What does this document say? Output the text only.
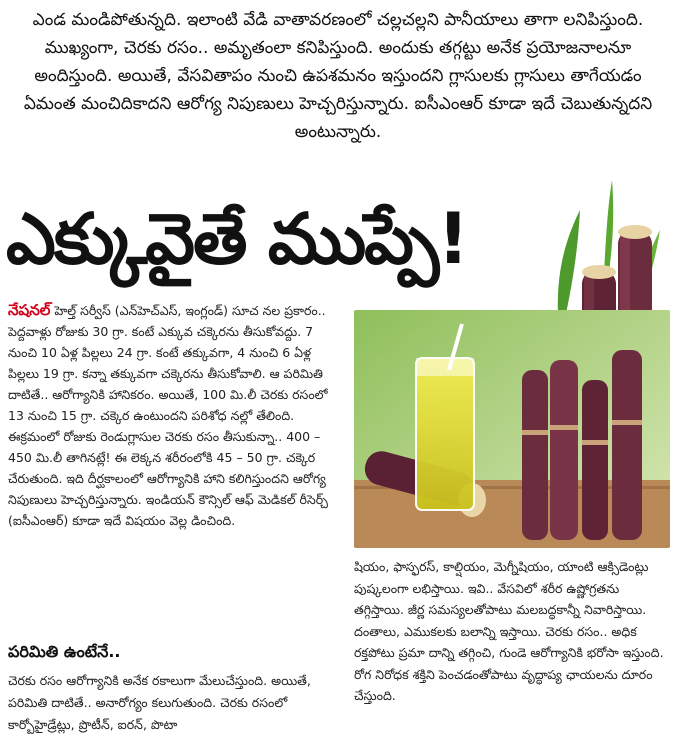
ఎండ మండిపోతున్నది. ఇలాంటి వేడి వాతావరణంలో చల్లచల్లని పానీయాలు తాగా లనిపిస్తుంది. ముఖ్యంగా, చెరకు రసం.. అమృతంలా కనిపిస్తుంది. అందుకు తగ్గట్టు అనేక ప్రయోజనాలనూ అందిస్తుంది. అయితే, వేసవితాపం నుంచి ఉపశమనం ఇస్తుందని గ్లాసులకు గ్లాసులు తాగేయడం ఏమంత మంచిదికాదని ఆరోగ్య నిపుణులు హెచ్చరిస్తున్నారు. ఐసీఎంఆర్ కూడా ఇదే చెబుతున్నదని అంటున్నారు.
ఎక్కువైతే ముప్పే!

నేషనల్ హెల్త్ సర్వీస్ (ఎన్‌హెచ్‌ఎస్, ఇంగ్లండ్) సూచ నల ప్రకారం.. పెద్దవాళ్లు రోజుకు 30 గ్రా. కంటే ఎక్కువ చక్కెరను తీసుకోవద్దు. 7 నుంచి 10 ఏళ్ల పిల్లలు 24 గ్రా. కంటే తక్కువగా, 4 నుంచి 6 ఏళ్ల పిల్లలు 19 గ్రా. కన్నా తక్కువగా చక్కెరను తీసుకోవాలి. ఆ పరిమితి దాటితే.. ఆరోగ్యానికి హానికరం. అయితే, 100 మి.లీ చెరకు రసంలో 13 నుంచి 15 గ్రా. చక్కెర ఉంటుందని పరిశోధ నల్లో తేలింది. ఈక్రమంలో రోజుకు రెండుగ్లాసుల చెరకు రసం తీసుకున్నా.. 400 – 450 మి.లీ తాగినట్లే! ఈ లెక్కన శరీరంలోకి 45 – 50 గ్రా. చక్కెర చేరుతుంది. ఇది దీర్ఘకాలంలో ఆరోగ్యానికి హాని కలిగిస్తుందని ఆరోగ్య నిపుణులు హెచ్చరిస్తున్నారు. ఇండియన్ కౌన్సిల్ ఆఫ్ మెడికల్ రీసెర్చ్ (ఐసీఎంఆర్) కూడా ఇదే విషయం వెల్ల డించింది.

షియం, ఫాస్ఫరస్, కాల్షియం, మెగ్నీషియం, యాంటి ఆక్సిడెంట్లు పుష్కలంగా లభిస్తాయి. ఇవి.. వేసవిలో శరీర ఉష్ణోగ్రతను తగ్గిస్తాయి. జీర్ణ సమస్యలతోపాటు మలబద్ధకాన్నీ నివారిస్తాయి. దంతాలు, ఎముకలకు బలాన్ని ఇస్తాయి. చెరకు రసం.. అధిక రక్తపోటు ప్రమా దాన్ని తగ్గించి, గుండె ఆరోగ్యానికి భరోసా ఇస్తుంది. రోగ నిరోధక శక్తిని పెంచడంతోపాటు వృద్ధాప్య ఛాయలను దూరం చేస్తుంది.

పరిమితి ఉంటేనే..

చెరకు రసం ఆరోగ్యానికి అనేక రకాలుగా మేలుచేస్తుంది. అయితే, పరిమితి దాటితే.. అనారోగ్యం కలుగుతుంది. చెరకు రసంలో కార్బోహైడ్రేట్లు, ప్రొటీన్, ఐరన్, పొటా
